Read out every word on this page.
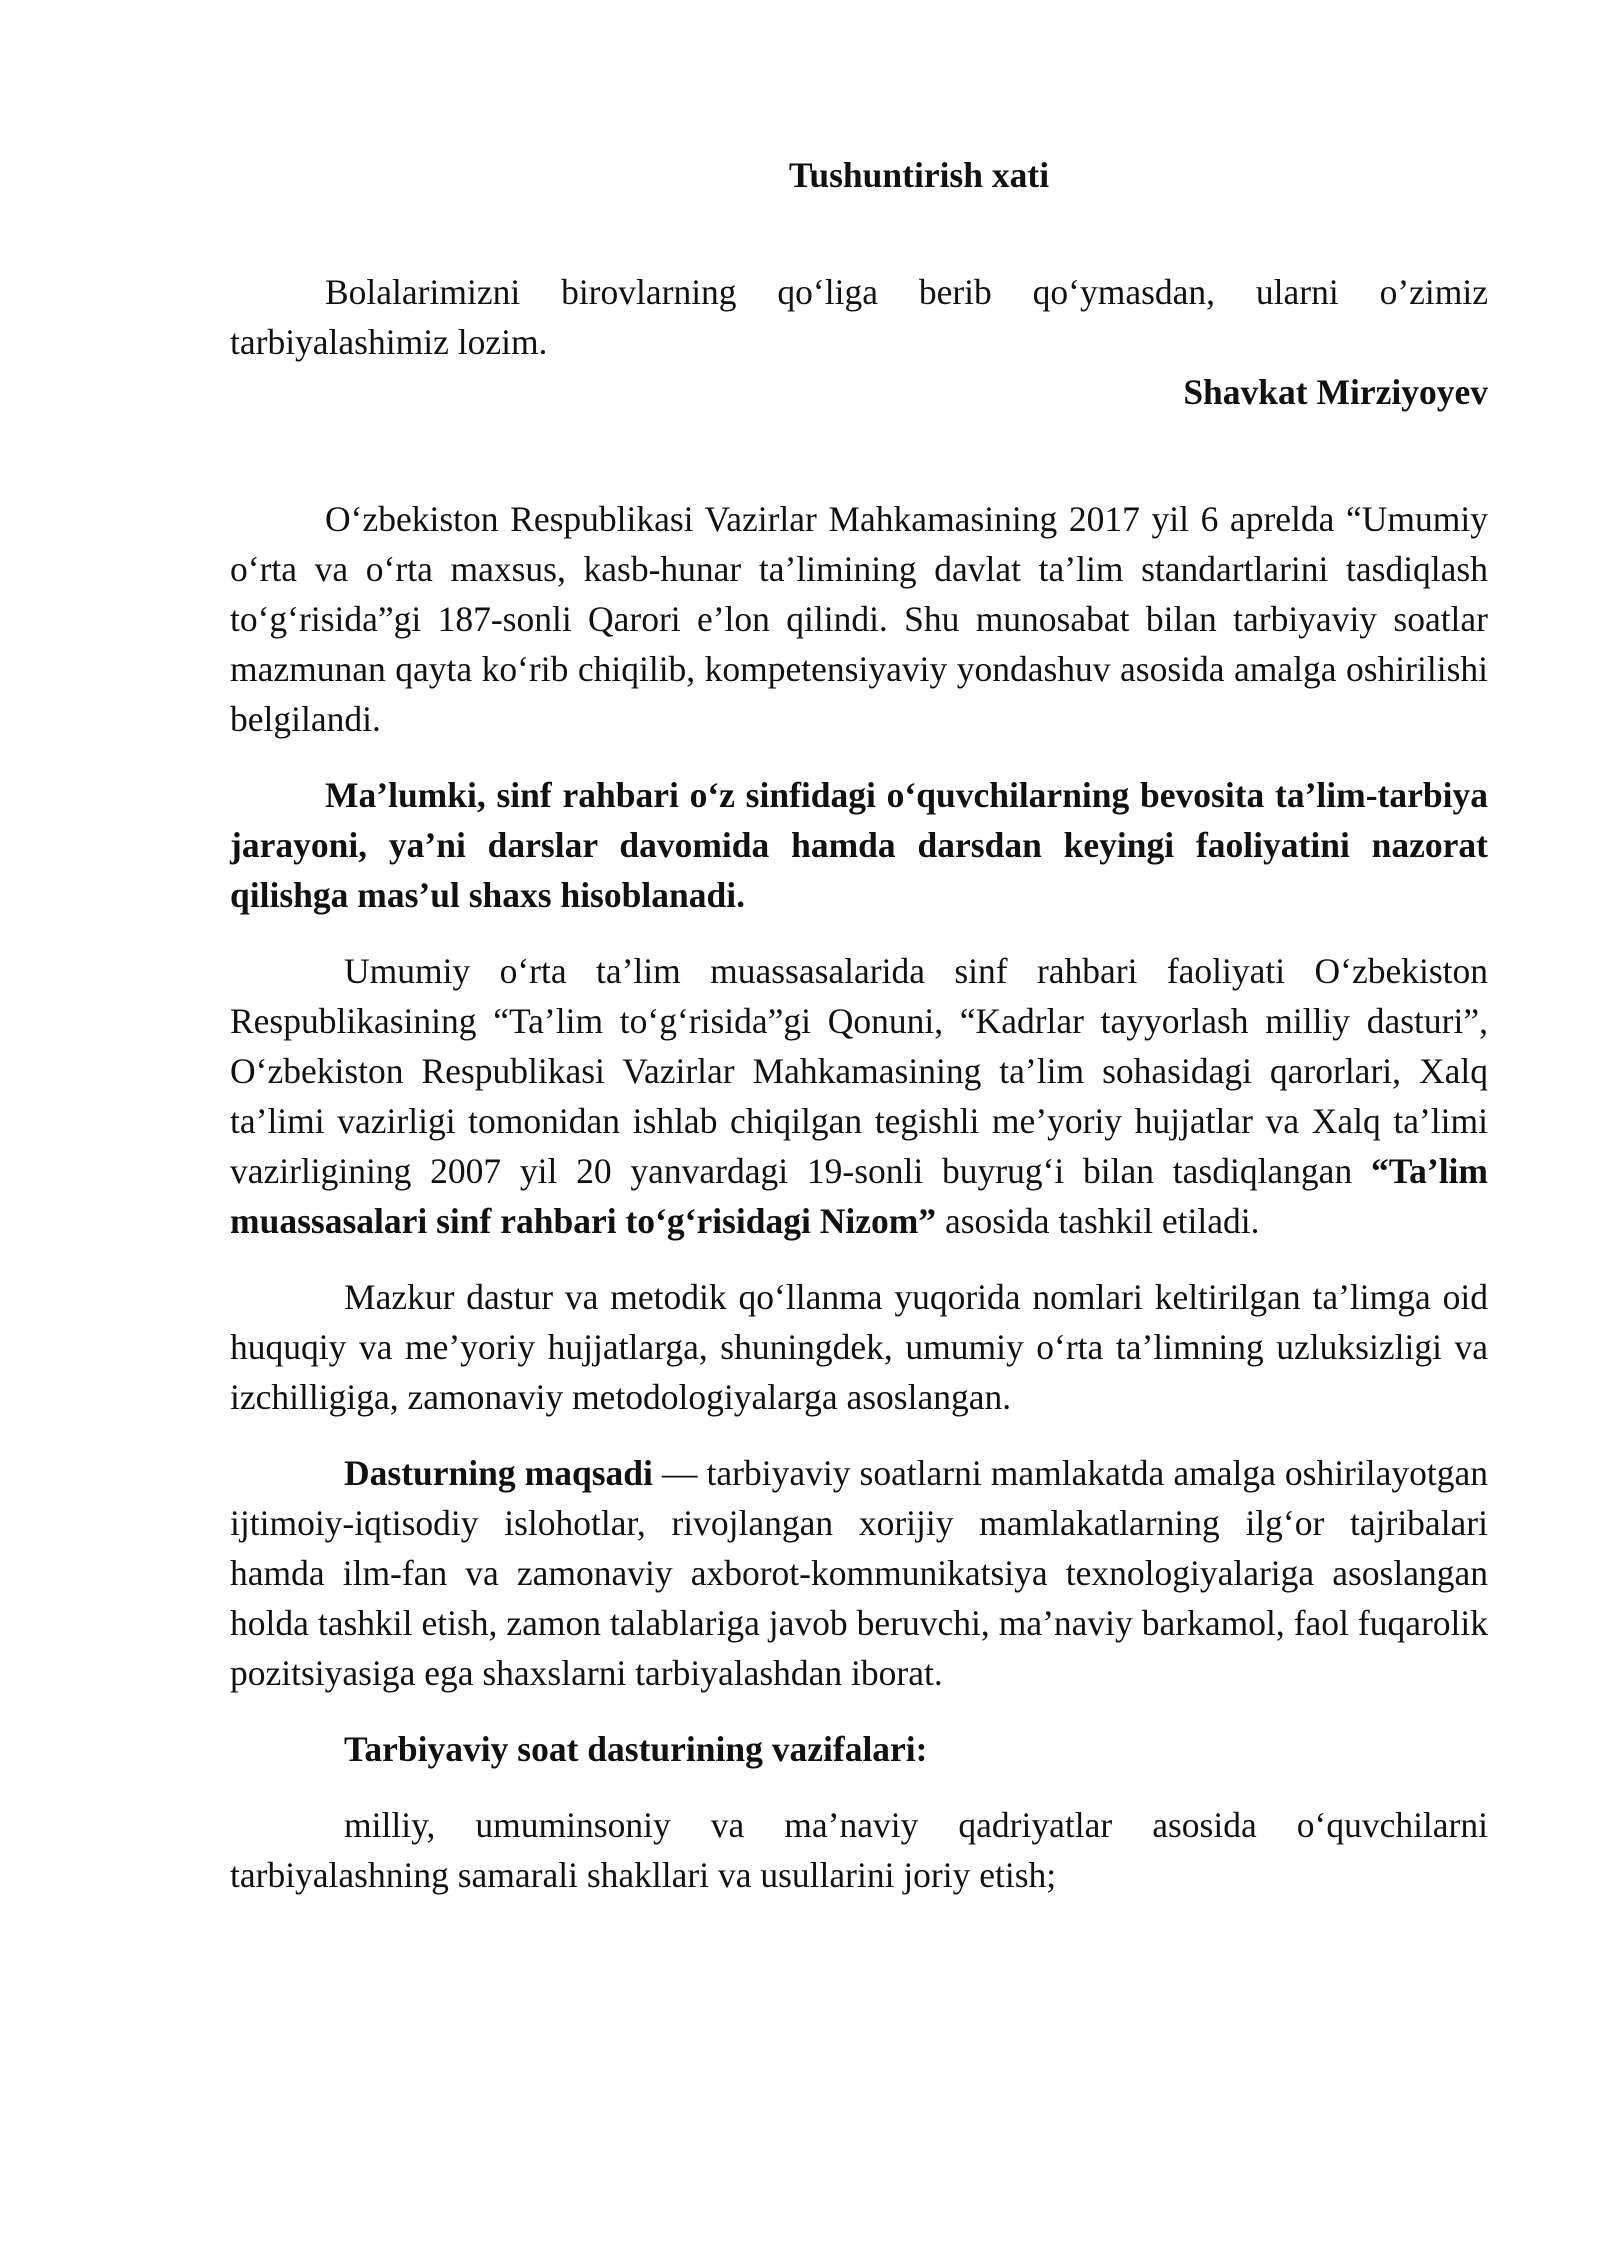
Tushuntirish xati

Bolalarimizni birovlarning qo‘liga berib qo‘ymasdan, ularni o’zimiz tarbiyalashimiz lozim.

Shavkat Mirziyoyev

O‘zbekiston Respublikasi Vazirlar Mahkamasining 2017 yil 6 aprelda “Umumiy o‘rta va o‘rta maxsus, kasb-hunar ta’limining davlat ta’lim standartlarini tasdiqlash to‘g‘risida”gi 187-sonli Qarori e’lon qilindi. Shu munosabat bilan tarbiyaviy soatlar mazmunan qayta ko‘rib chiqilib, kompetensiyaviy yondashuv asosida amalga oshirilishi belgilandi.

Ma’lumki, sinf rahbari o‘z sinfidagi o‘quvchilarning bevosita ta’lim-tarbiya jarayoni, ya’ni darslar davomida hamda darsdan keyingi faoliyatini nazorat qilishga mas’ul shaxs hisoblanadi.

Umumiy o‘rta ta’lim muassasalarida sinf rahbari faoliyati O‘zbekiston Respublikasining “Ta’lim to‘g‘risida”gi Qonuni, “Kadrlar tayyorlash milliy dasturi”, O‘zbekiston Respublikasi Vazirlar Mahkamasining ta’lim sohasidagi qarorlari, Xalq ta’limi vazirligi tomonidan ishlab chiqilgan tegishli me’yoriy hujjatlar va Xalq ta’limi vazirligining 2007 yil 20 yanvardagi 19-sonli buyrug‘i bilan tasdiqlangan “Ta’lim muassasalari sinf rahbari to‘g‘risidagi Nizom” asosida tashkil etiladi.

Mazkur dastur va metodik qo‘llanma yuqorida nomlari keltirilgan ta’limga oid huquqiy va me’yoriy hujjatlarga, shuningdek, umumiy o‘rta ta’limning uzluksizligi va izchilligiga, zamonaviy metodologiyalarga asoslangan.

Dasturning maqsadi — tarbiyaviy soatlarni mamlakatda amalga oshirilayotgan ijtimoiy-iqtisodiy islohotlar, rivojlangan xorijiy mamlakatlarning ilg‘or tajribalari hamda ilm-fan va zamonaviy axborot-kommunikatsiya texnologiyalariga asoslangan holda tashkil etish, zamon talablariga javob beruvchi, ma’naviy barkamol, faol fuqarolik pozitsiyasiga ega shaxslarni tarbiyalashdan iborat.

Tarbiyaviy soat dasturining vazifalari:

milliy, umuminsoniy va ma’naviy qadriyatlar asosida o‘quvchilarni tarbiyalashning samarali shakllari va usullarini joriy etish;
